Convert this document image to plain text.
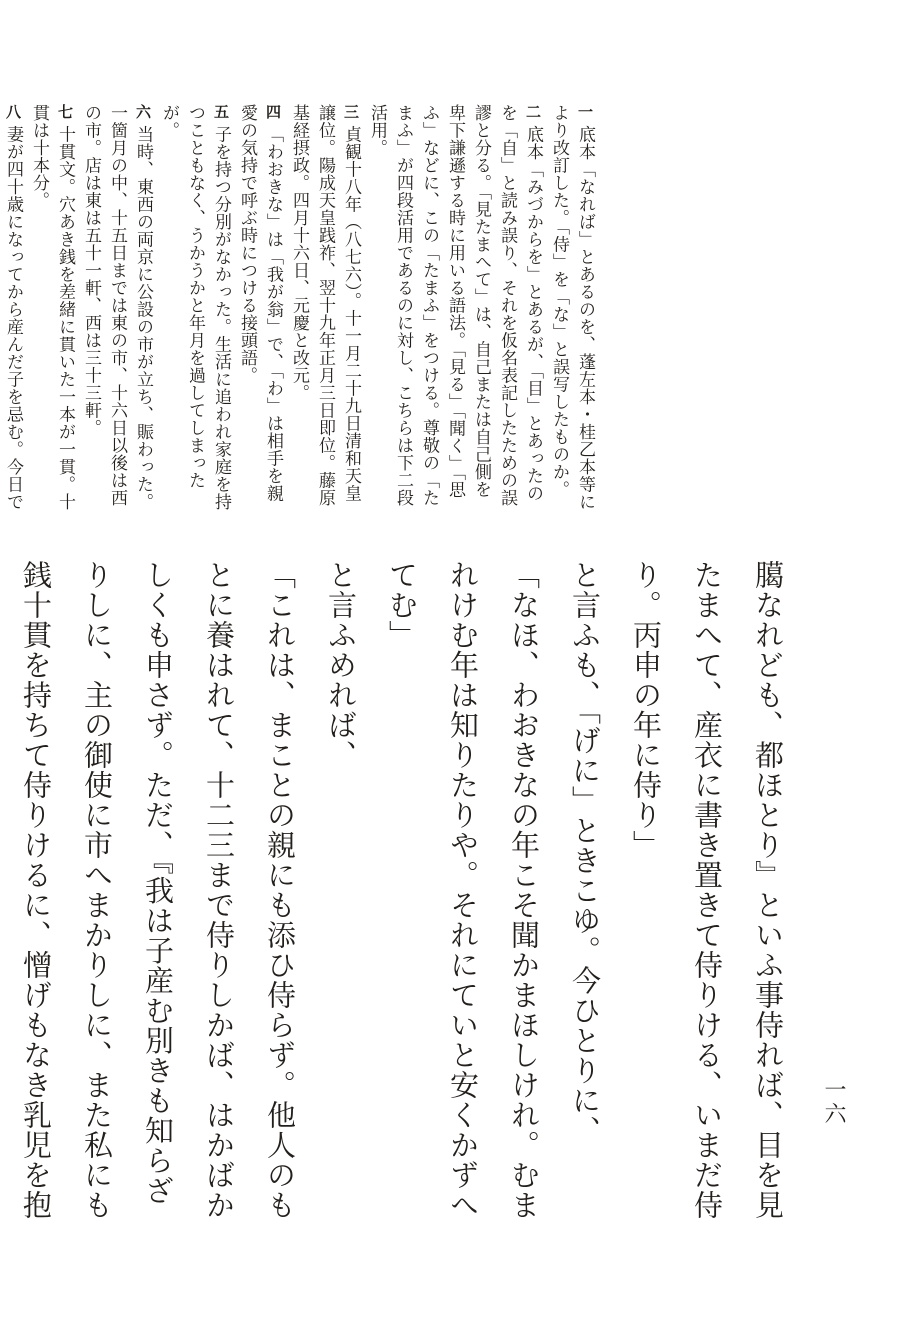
一六

臈なれども、都ほとり』といふ事侍れば、目を見たまへて、産衣に書き置きて侍りける、いまだ侍り。丙申の年に侍り」

と言ふも、「げに」ときこゆ。今ひとりに、

「なほ、わおきなの年こそ聞かまほしけれ。むまれけむ年は知りたりや。それにていと安くかずへてむ」

と言ふめれば、

「これは、まことの親にも添ひ侍らず。他人のもとに養はれて、十二三まで侍りしかば、はかばかしくも申さず。ただ、『我は子産む別きも知らざりしに、主の御使に市へまかりしに、また私にも銭十貫を持ちて侍りけるに、憎げもなき乳児を抱

一 底本「なれば」とあるのを、蓬左本・桂乙本等により改訂した。「侍」を「な」と誤写したものか。

二 底本「みづからを」とあるが、「目」とあったのを「自」と読み誤り、それを仮名表記したための誤謬と分る。「見たまへて」は、自己または自己側を卑下謙遜する時に用いる語法。「見る」「聞く」「思ふ」などに、この「たまふ」をつける。尊敬の「たまふ」が四段活用であるのに対し、こちらは下二段活用。

三 貞観十八年（八七六）。十一月二十九日清和天皇譲位。陽成天皇践祚、翌十九年正月三日即位。藤原基経摂政。四月十六日、元慶と改元。

四 「わおきな」は「我が翁」で、「わ」は相手を親愛の気持で呼ぶ時につける接頭語。

五 子を持つ分別がなかった。生活に追われ家庭を持つこともなく、うかうかと年月を過してしまったが。

六 当時、東西の両京に公設の市が立ち、賑わった。一箇月の中、十五日までは東の市、十六日以後は西の市。店は東は五十一軒、西は三十三軒。

七 十貫文。穴あき銭を差緒に貫いた一本が一貫。十貫は十本分。

八 妻が四十歳になってから産んだ子を忌む。今日で
